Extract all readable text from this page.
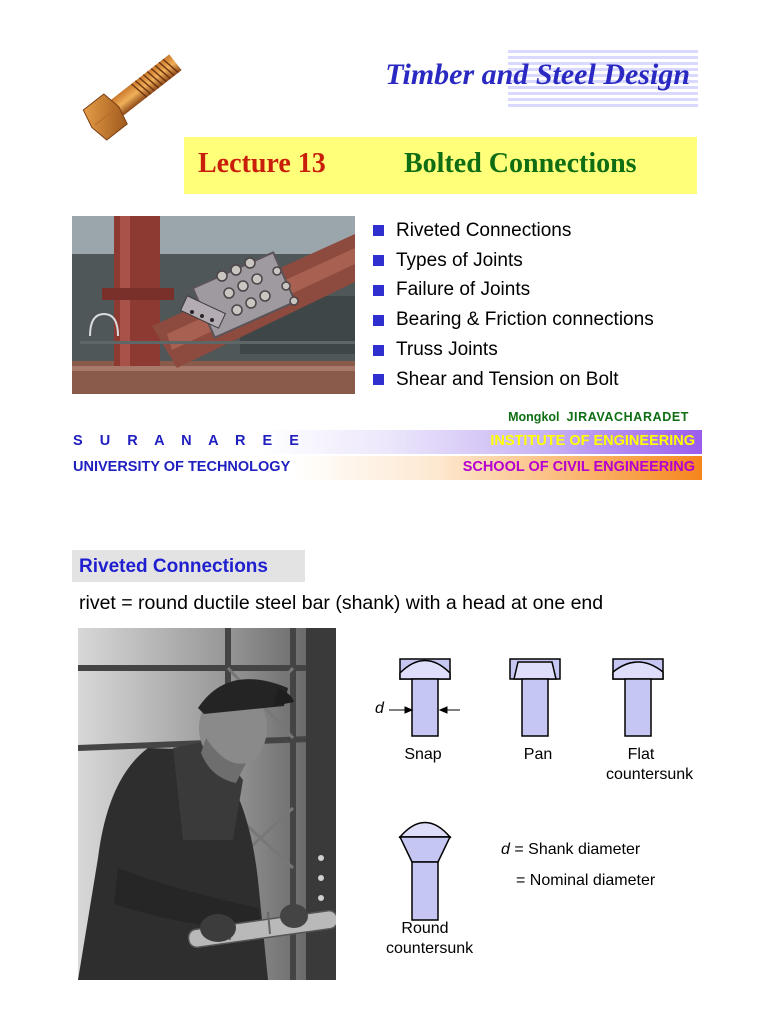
Timber and Steel Design
Lecture 13	Bolted Connections
Riveted Connections
Types of Joints
Failure of Joints
Bearing & Friction connections
Truss Joints
Shear and Tension on Bolt
Mongkol JIRAVACHARADET
S U R A N A R E E	INSTITUTE OF ENGINEERING
UNIVERSITY OF TECHNOLOGY	SCHOOL OF CIVIL ENGINEERING
Riveted Connections
rivet = round ductile steel bar (shank) with a head at one end
d
Snap	Pan	Flat countersunk
Round countersunk
d = Shank diameter
= Nominal diameter
